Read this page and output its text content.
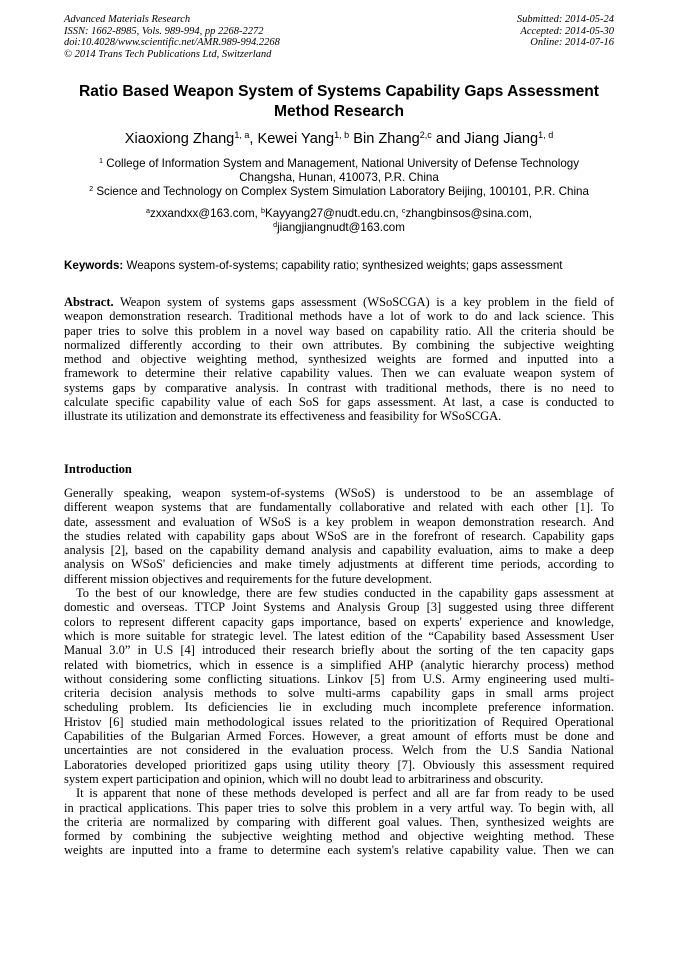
Advanced Materials Research
ISSN: 1662-8985, Vols. 989-994, pp 2268-2272
doi:10.4028/www.scientific.net/AMR.989-994.2268
© 2014 Trans Tech Publications Ltd, Switzerland
Submitted: 2014-05-24
Accepted: 2014-05-30
Online: 2014-07-16
Ratio Based Weapon System of Systems Capability Gaps Assessment
Method Research
Xiaoxiong Zhang$^{1, a}$, Kewei Yang$^{1, b}$ Bin Zhang$^{2,c}$ and Jiang Jiang$^{1, d}$
$^1$ College of Information System and Management, National University of Defense Technology
Changsha, Hunan, 410073, P.R. China
$^2$ Science and Technology on Complex System Simulation Laboratory Beijing, 100101, P.R. China
$^a$zxxandxx@163.com, $^b$Kayyang27@nudt.edu.cn, $^c$zhangbinsos@sina.com,
$^d$jiangjiangnudt@163.com
Keywords: Weapons system-of-systems; capability ratio; synthesized weights; gaps assessment
Abstract. Weapon system of systems gaps assessment (WSoSCGA) is a key problem in the field of
weapon demonstration research. Traditional methods have a lot of work to do and lack science. This
paper tries to solve this problem in a novel way based on capability ratio. All the criteria should be
normalized differently according to their own attributes. By combining the subjective weighting
method and objective weighting method, synthesized weights are formed and inputted into a
framework to determine their relative capability values. Then we can evaluate weapon system of
systems gaps by comparative analysis. In contrast with traditional methods, there is no need to
calculate specific capability value of each SoS for gaps assessment. At last, a case is conducted to
illustrate its utilization and demonstrate its effectiveness and feasibility for WSoSCGA.
Introduction
Generally speaking, weapon system-of-systems (WSoS) is understood to be an assemblage of
different weapon systems that are fundamentally collaborative and related with each other [1]. To
date, assessment and evaluation of WSoS is a key problem in weapon demonstration research. And
the studies related with capability gaps about WSoS are in the forefront of research. Capability gaps
analysis [2], based on the capability demand analysis and capability evaluation, aims to make a deep
analysis on WSoS' deficiencies and make timely adjustments at different time periods, according to
different mission objectives and requirements for the future development.
To the best of our knowledge, there are few studies conducted in the capability gaps assessment at
domestic and overseas. TTCP Joint Systems and Analysis Group [3] suggested using three different
colors to represent different capacity gaps importance, based on experts' experience and knowledge,
which is more suitable for strategic level. The latest edition of the “Capability based Assessment User
Manual 3.0” in U.S [4] introduced their research briefly about the sorting of the ten capacity gaps
related with biometrics, which in essence is a simplified AHP (analytic hierarchy process) method
without considering some conflicting situations. Linkov [5] from U.S. Army engineering used multi-
criteria decision analysis methods to solve multi-arms capability gaps in small arms project
scheduling problem. Its deficiencies lie in excluding much incomplete preference information.
Hristov [6] studied main methodological issues related to the prioritization of Required Operational
Capabilities of the Bulgarian Armed Forces. However, a great amount of efforts must be done and
uncertainties are not considered in the evaluation process. Welch from the U.S Sandia National
Laboratories developed prioritized gaps using utility theory [7]. Obviously this assessment required
system expert participation and opinion, which will no doubt lead to arbitrariness and obscurity.
It is apparent that none of these methods developed is perfect and all are far from ready to be used
in practical applications. This paper tries to solve this problem in a very artful way. To begin with, all
the criteria are normalized by comparing with different goal values. Then, synthesized weights are
formed by combining the subjective weighting method and objective weighting method. These
weights are inputted into a frame to determine each system's relative capability value. Then we can
